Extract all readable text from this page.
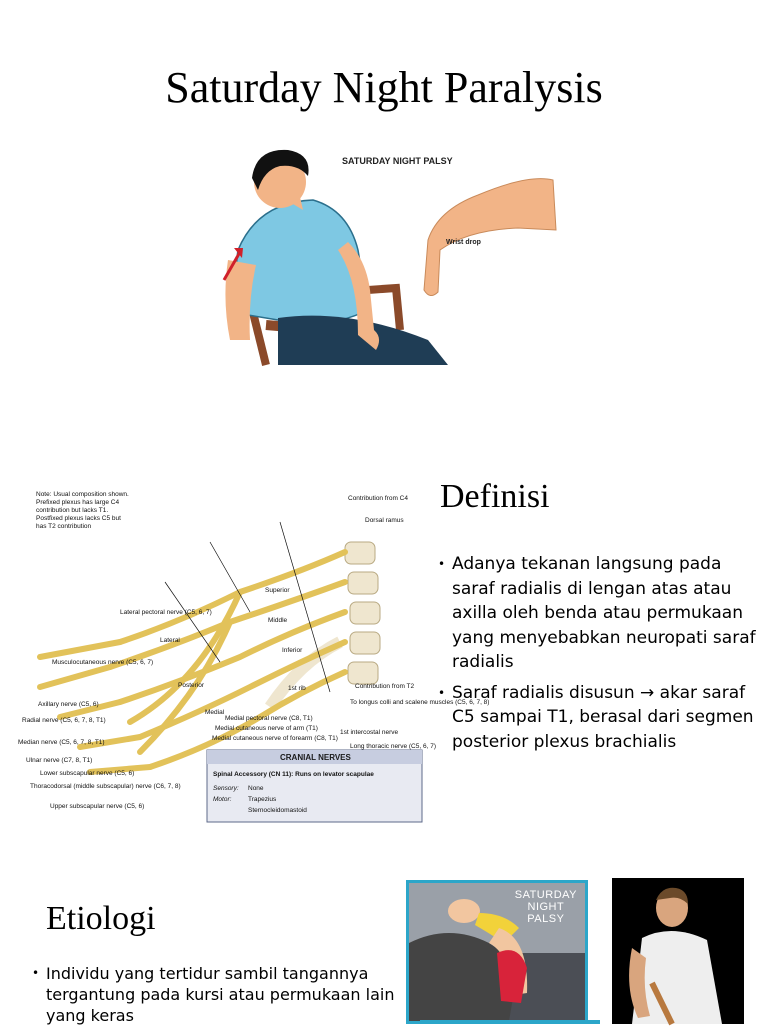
Saturday Night Paralysis
SATURDAY NIGHT PALSY
Wrist drop
Note: Usual composition shown. Prefixed plexus has large C4 contribution but lacks T1. Postfixed plexus lacks C5 but has T2 contribution
Contribution from C4
Dorsal ramus
Contribution from T2
To longus colli and scalene muscles (C5, 6, 7, 8)
1st intercostal nerve
Long thoracic nerve (C5, 6, 7)
Lateral pectoral nerve (C5, 6, 7)
Musculocutaneous nerve (C5, 6, 7)
Axillary nerve (C5, 6)
Radial nerve (C5, 6, 7, 8, T1)
Median nerve (C5, 6, 7, 8, T1)
Ulnar nerve (C7, 8, T1)
Lower subscapular nerve (C5, 6)
Thoracodorsal (middle subscapular) nerve (C6, 7, 8)
Upper subscapular nerve (C5, 6)
Medial pectoral nerve (C8, T1)
Medial cutaneous nerve of arm (T1)
Medial cutaneous nerve of forearm (C8, T1)
Superior
Middle
Inferior
Lateral
Posterior
Medial
1st rib
CRANIAL NERVES
Spinal Accessory (CN 11): Runs on levator scapulae
Sensory: None
Motor:	Trapezius
Sternocleidomastoid
Definisi
• Adanya tekanan langsung pada saraf radialis di lengan atas atau axilla oleh benda atau permukaan yang menyebabkan neuropati saraf radialis
• Saraf radialis disusun → akar saraf C5 sampai T1, berasal dari segmen posterior plexus brachialis
Etiologi
SATURDAY
NIGHT
PALSY
• Individu yang tertidur sambil tangannya tergantung pada kursi atau permukaan lain yang keras
